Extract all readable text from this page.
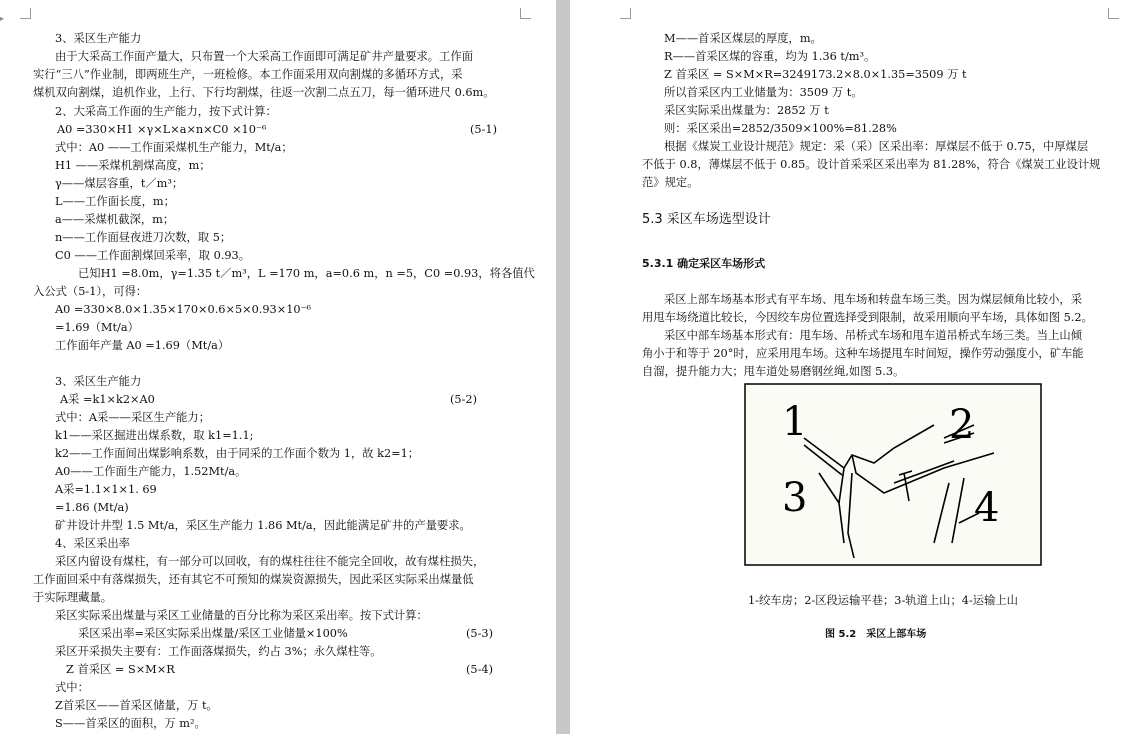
▸
3、采区生产能力
由于大采高工作面产量大，只布置一个大采高工作面即可满足矿井产量要求。工作面
实行“三八”作业制，即两班生产，一班检修。本工作面采用双向割煤的多循环方式，采
煤机双向割煤，追机作业，上行、下行均割煤，往返一次割二点五刀，每一循环进尺 0.6m。
2、大采高工作面的生产能力，按下式计算：
A0 =330×H1 ×γ×L×a×n×C0 ×10⁻⁶	(5-1)
式中：A0 ——工作面采煤机生产能力，Mt/a；
H1 ——采煤机割煤高度，m；
γ——煤层容重，t／m³；
L——工作面长度，m；
a——采煤机截深，m；
n——工作面昼夜进刀次数，取 5；
C0 ——工作面割煤回采率，取 0.93。
已知H1 =8.0m，γ=1.35 t／m³，L =170 m，a=0.6 m，n =5，C0 =0.93，将各值代
入公式（5-1），可得：
A0 =330×8.0×1.35×170×0.6×5×0.93×10⁻⁶
=1.69（Mt/a）
工作面年产量 A0 =1.69（Mt/a）
3、采区生产能力
A采 =k1×k2×A0	(5-2)
式中：A采——采区生产能力；
k1——采区掘进出煤系数，取 k1=1.1;
k2——工作面间出煤影响系数，由于同采的工作面个数为 1，故 k2=1；
A0——工作面生产能力，1.52Mt/a。
A采=1.1×1×1. 69
=1.86 (Mt/a)
矿井设计井型 1.5 Mt/a，采区生产能力 1.86 Mt/a，因此能满足矿井的产量要求。
4、采区采出率
采区内留设有煤柱，有一部分可以回收，有的煤柱往往不能完全回收，故有煤柱损失，
工作面回采中有落煤损失，还有其它不可预知的煤炭资源损失，因此采区实际采出煤量低
于实际理藏量。
采区实际采出煤量与采区工业储量的百分比称为采区采出率。按下式计算：
采区采出率=采区实际采出煤量/采区工业储量×100%	(5-3)
采区开采损失主要有：工作面落煤损失，约占 3%；永久煤柱等。
Z 首采区 = S×M×R	(5-4)
式中：
Z首采区——首采区储量，万 t。
S——首采区的面积，万 m²。
M——首采区煤层的厚度，m。
R——首采区煤的容重，均为 1.36 t/m³。
Z 首采区 = S×M×R=3249173.2×8.0×1.35=3509 万 t
所以首采区内工业储量为：3509 万 t。
采区实际采出煤量为：2852 万 t
则：采区采出=2852/3509×100%=81.28%
根据《煤炭工业设计规范》规定：采（采）区采出率：厚煤层不低于 0.75，中厚煤层
不低于 0.8，薄煤层不低于 0.85。设计首采采区采出率为 81.28%，符合《煤炭工业设计规
范》规定。
5.3 采区车场选型设计
5.3.1 确定采区车场形式
采区上部车场基本形式有平车场、甩车场和转盘车场三类。因为煤层倾角比较小，采
用甩车场绕道比较长，今因绞车房位置选择受到限制，故采用顺向平车场，具体如图 5.2。
采区中部车场基本形式有：甩车场、吊桥式车场和甩车道吊桥式车场三类。当上山倾
角小于和等于 20°时，应采用甩车场。这种车场提甩车时间短，操作劳动强度小，矿车能
自溜，提升能力大；甩车道处易磨钢丝绳,如图 5.3。
1	2
3	4
1-绞车房；2-区段运输平巷；3-轨道上山；4-运输上山
图 5.2　采区上部车场
